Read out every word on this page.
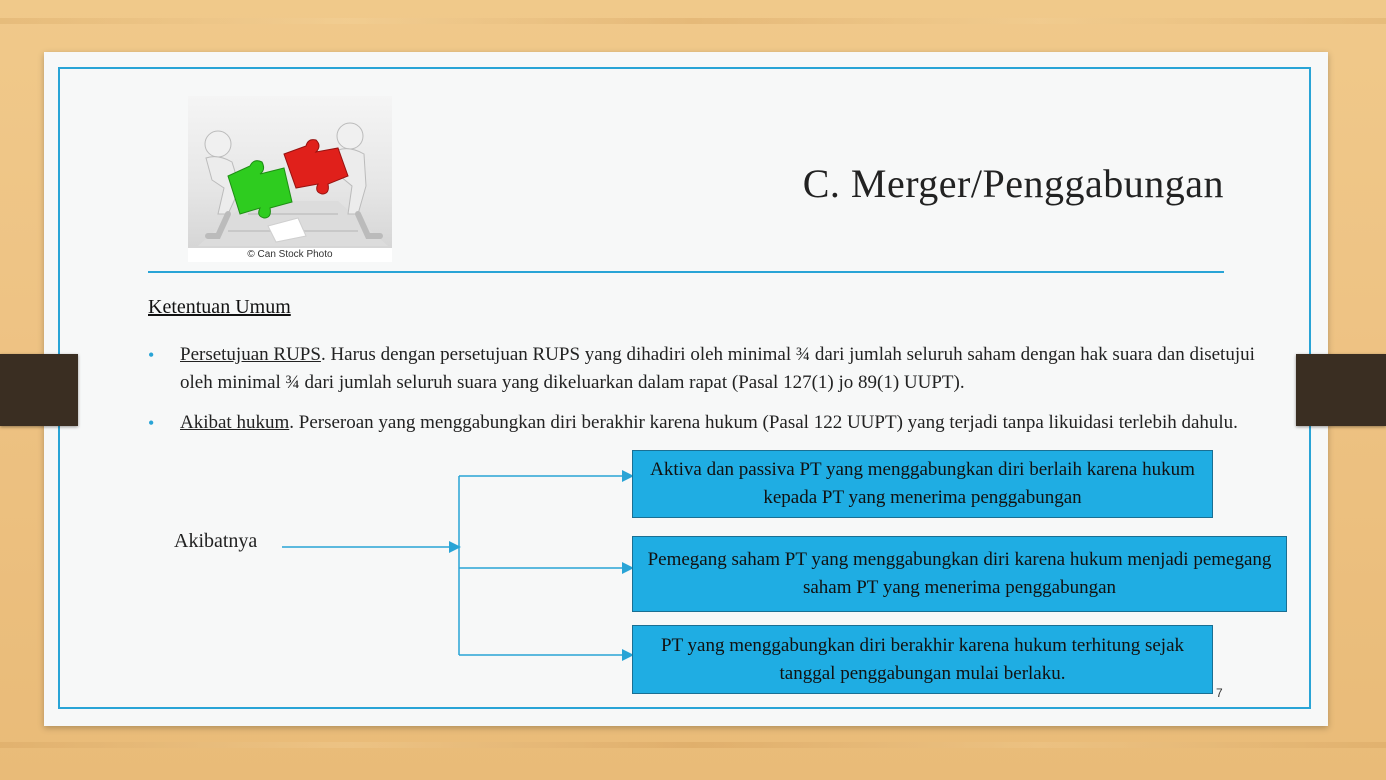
© Can Stock Photo
C. Merger/Penggabungan
Ketentuan Umum
• Persetujuan RUPS. Harus dengan persetujuan RUPS yang dihadiri oleh minimal ¾ dari jumlah seluruh saham dengan hak suara dan disetujui oleh minimal ¾ dari jumlah seluruh suara yang dikeluarkan dalam rapat (Pasal 127(1) jo 89(1) UUPT).
• Akibat hukum. Perseroan yang menggabungkan diri berakhir karena hukum (Pasal 122 UUPT) yang terjadi tanpa likuidasi terlebih dahulu.
Akibatnya
Aktiva dan passiva PT yang menggabungkan diri berlaih karena hukum kepada PT yang menerima penggabungan
Pemegang saham PT yang menggabungkan diri karena hukum menjadi pemegang saham PT yang menerima penggabungan
PT yang menggabungkan diri berakhir karena hukum terhitung sejak tanggal penggabungan mulai berlaku.
7
